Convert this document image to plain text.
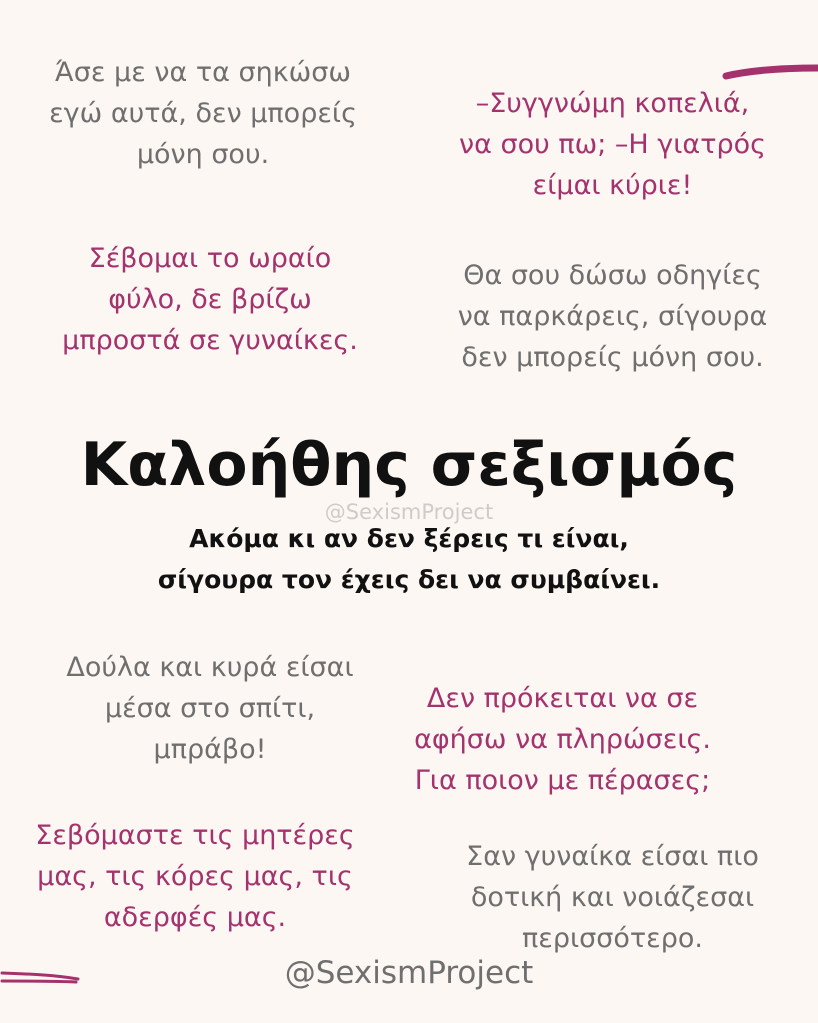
Άσε με να τα σηκώσω
εγώ αυτά, δεν μπορείς
μόνη σου.
–Συγγνώμη κοπελιά,
να σου πω; –Η γιατρός
είμαι κύριε!
Σέβομαι το ωραίο
φύλο, δε βρίζω
μπροστά σε γυναίκες.
Θα σου δώσω οδηγίες
να παρκάρεις, σίγουρα
δεν μπορείς μόνη σου.
Καλοήθης σεξισμός
@SexismProject
Ακόμα κι αν δεν ξέρεις τι είναι,
σίγουρα τον έχεις δει να συμβαίνει.
Δούλα και κυρά είσαι
μέσα στο σπίτι,
μπράβο!
Δεν πρόκειται να σε
αφήσω να πληρώσεις.
Για ποιον με πέρασες;
Σεβόμαστε τις μητέρες
μας, τις κόρες μας, τις
αδερφές μας.
Σαν γυναίκα είσαι πιο
δοτική και νοιάζεσαι
περισσότερο.
@SexismProject
